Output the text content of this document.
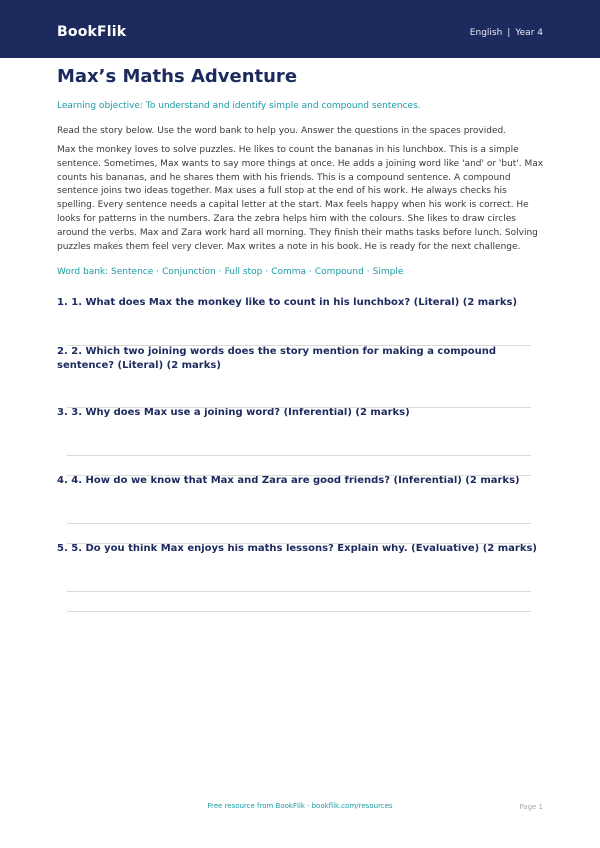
BookFlik	English | Year 4
Max’s Maths Adventure
Learning objective: To understand and identify simple and compound sentences.
Read the story below. Use the word bank to help you. Answer the questions in the spaces provided.

Max the monkey loves to solve puzzles. He likes to count the bananas in his lunchbox. This is a simple sentence. Sometimes, Max wants to say more things at once. He adds a joining word like 'and' or 'but'. Max counts his bananas, and he shares them with his friends. This is a compound sentence. A compound sentence joins two ideas together. Max uses a full stop at the end of his work. He always checks his spelling. Every sentence needs a capital letter at the start. Max feels happy when his work is correct. He looks for patterns in the numbers. Zara the zebra helps him with the colours. She likes to draw circles around the verbs. Max and Zara work hard all morning. They finish their maths tasks before lunch. Solving puzzles makes them feel very clever. Max writes a note in his book. He is ready for the next challenge.

Word bank: Sentence · Conjunction · Full stop · Comma · Compound · Simple
1. 1. What does Max the monkey like to count in his lunchbox? (Literal) (2 marks)
2. 2. Which two joining words does the story mention for making a compound sentence? (Literal) (2 marks)
3. 3. Why does Max use a joining word? (Inferential) (2 marks)
4. 4. How do we know that Max and Zara are good friends? (Inferential) (2 marks)
5. 5. Do you think Max enjoys his maths lessons? Explain why. (Evaluative) (2 marks)
Free resource from BookFlik · bookflik.com/resources	Page 1
